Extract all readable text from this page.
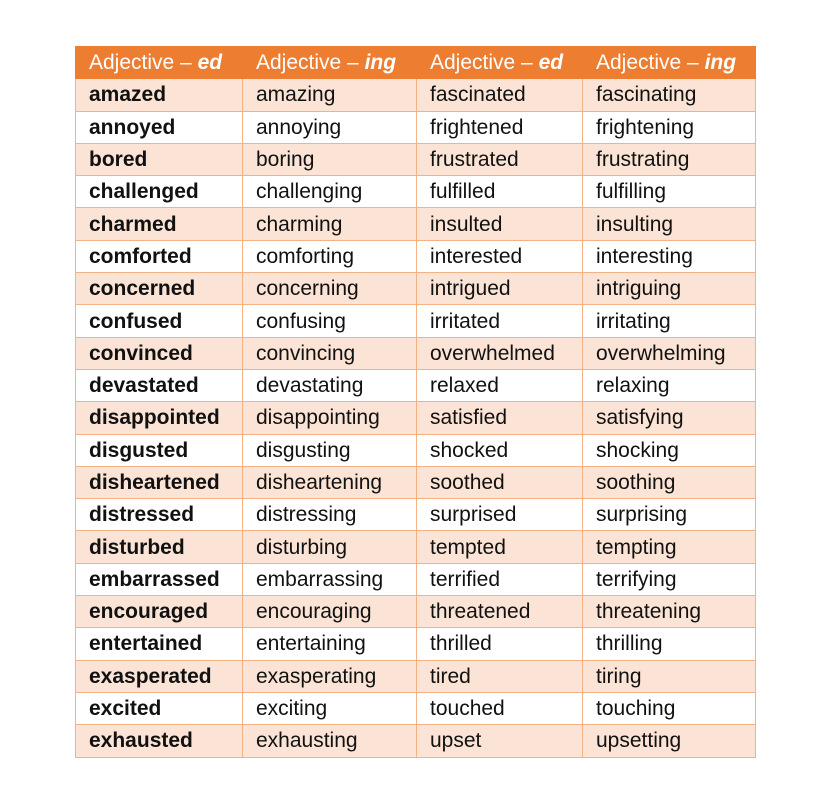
Adjective – ed	Adjective – ing	Adjective – ed	Adjective – ing
amazed	amazing	fascinated	fascinating
annoyed	annoying	frightened	frightening
bored	boring	frustrated	frustrating
challenged	challenging	fulfilled	fulfilling
charmed	charming	insulted	insulting
comforted	comforting	interested	interesting
concerned	concerning	intrigued	intriguing
confused	confusing	irritated	irritating
convinced	convincing	overwhelmed	overwhelming
devastated	devastating	relaxed	relaxing
disappointed	disappointing	satisfied	satisfying
disgusted	disgusting	shocked	shocking
disheartened	disheartening	soothed	soothing
distressed	distressing	surprised	surprising
disturbed	disturbing	tempted	tempting
embarrassed	embarrassing	terrified	terrifying
encouraged	encouraging	threatened	threatening
entertained	entertaining	thrilled	thrilling
exasperated	exasperating	tired	tiring
excited	exciting	touched	touching
exhausted	exhausting	upset	upsetting
